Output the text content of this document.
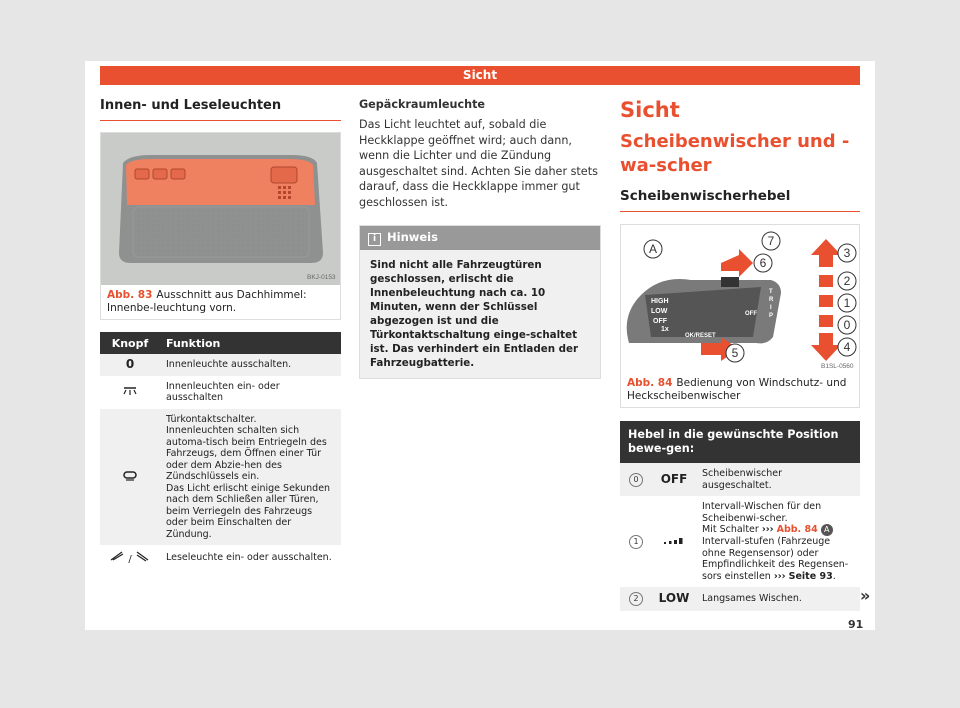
Sicht
Innen- und Leseleuchten
BKJ-0153
Abb. 83 Ausschnitt aus Dachhimmel: Innenbe-leuchtung vorn.
Knopf	Funktion
0	Innenleuchte ausschalten.
	Innenleuchten ein- oder ausschalten
	Türkontaktschalter.
Innenleuchten schalten sich automa-tisch beim Entriegeln des Fahrzeugs, dem Öffnen einer Tür oder dem Abzie-hen des Zündschlüssels ein.
Das Licht erlischt einige Sekunden nach dem Schließen aller Türen, beim Verriegeln des Fahrzeugs oder beim Einschalten der Zündung.
/	Leseleuchte ein- oder ausschalten.
Gepäckraumleuchte
Das Licht leuchtet auf, sobald die Heckklappe geöffnet wird; auch dann, wenn die Lichter und die Zündung ausgeschaltet sind. Achten Sie daher stets darauf, dass die Heckklappe immer gut geschlossen ist.
i Hinweis
Sind nicht alle Fahrzeugtüren geschlossen, erlischt die Innenbeleuchtung nach ca. 10 Minuten, wenn der Schlüssel abgezogen ist und die Türkontaktschaltung einge-schaltet ist. Das verhindert ein Entladen der Fahrzeugbatterie.
Sicht
Scheibenwischer und -wa-scher
Scheibenwischerhebel
HIGH
LOW
OFF
1x
OK/RESET
OFF
T
R
I
P
A
7
6
3
2
1
0
4
5
B1SL-0560
Abb. 84 Bedienung von Windschutz- und Heckscheibenwischer
Hebel in die gewünschte Position bewe-gen:		
0	OFF	Scheibenwischer ausgeschaltet.
1		Intervall-Wischen für den Scheibenwi-scher.
Mit Schalter ››› Abb. 84 A Intervall-stufen (Fahrzeuge ohne Regensensor) oder Empfindlichkeit des Regensen-sors einstellen ››› Seite 93.
2	LOW	Langsames Wischen.	»
91
